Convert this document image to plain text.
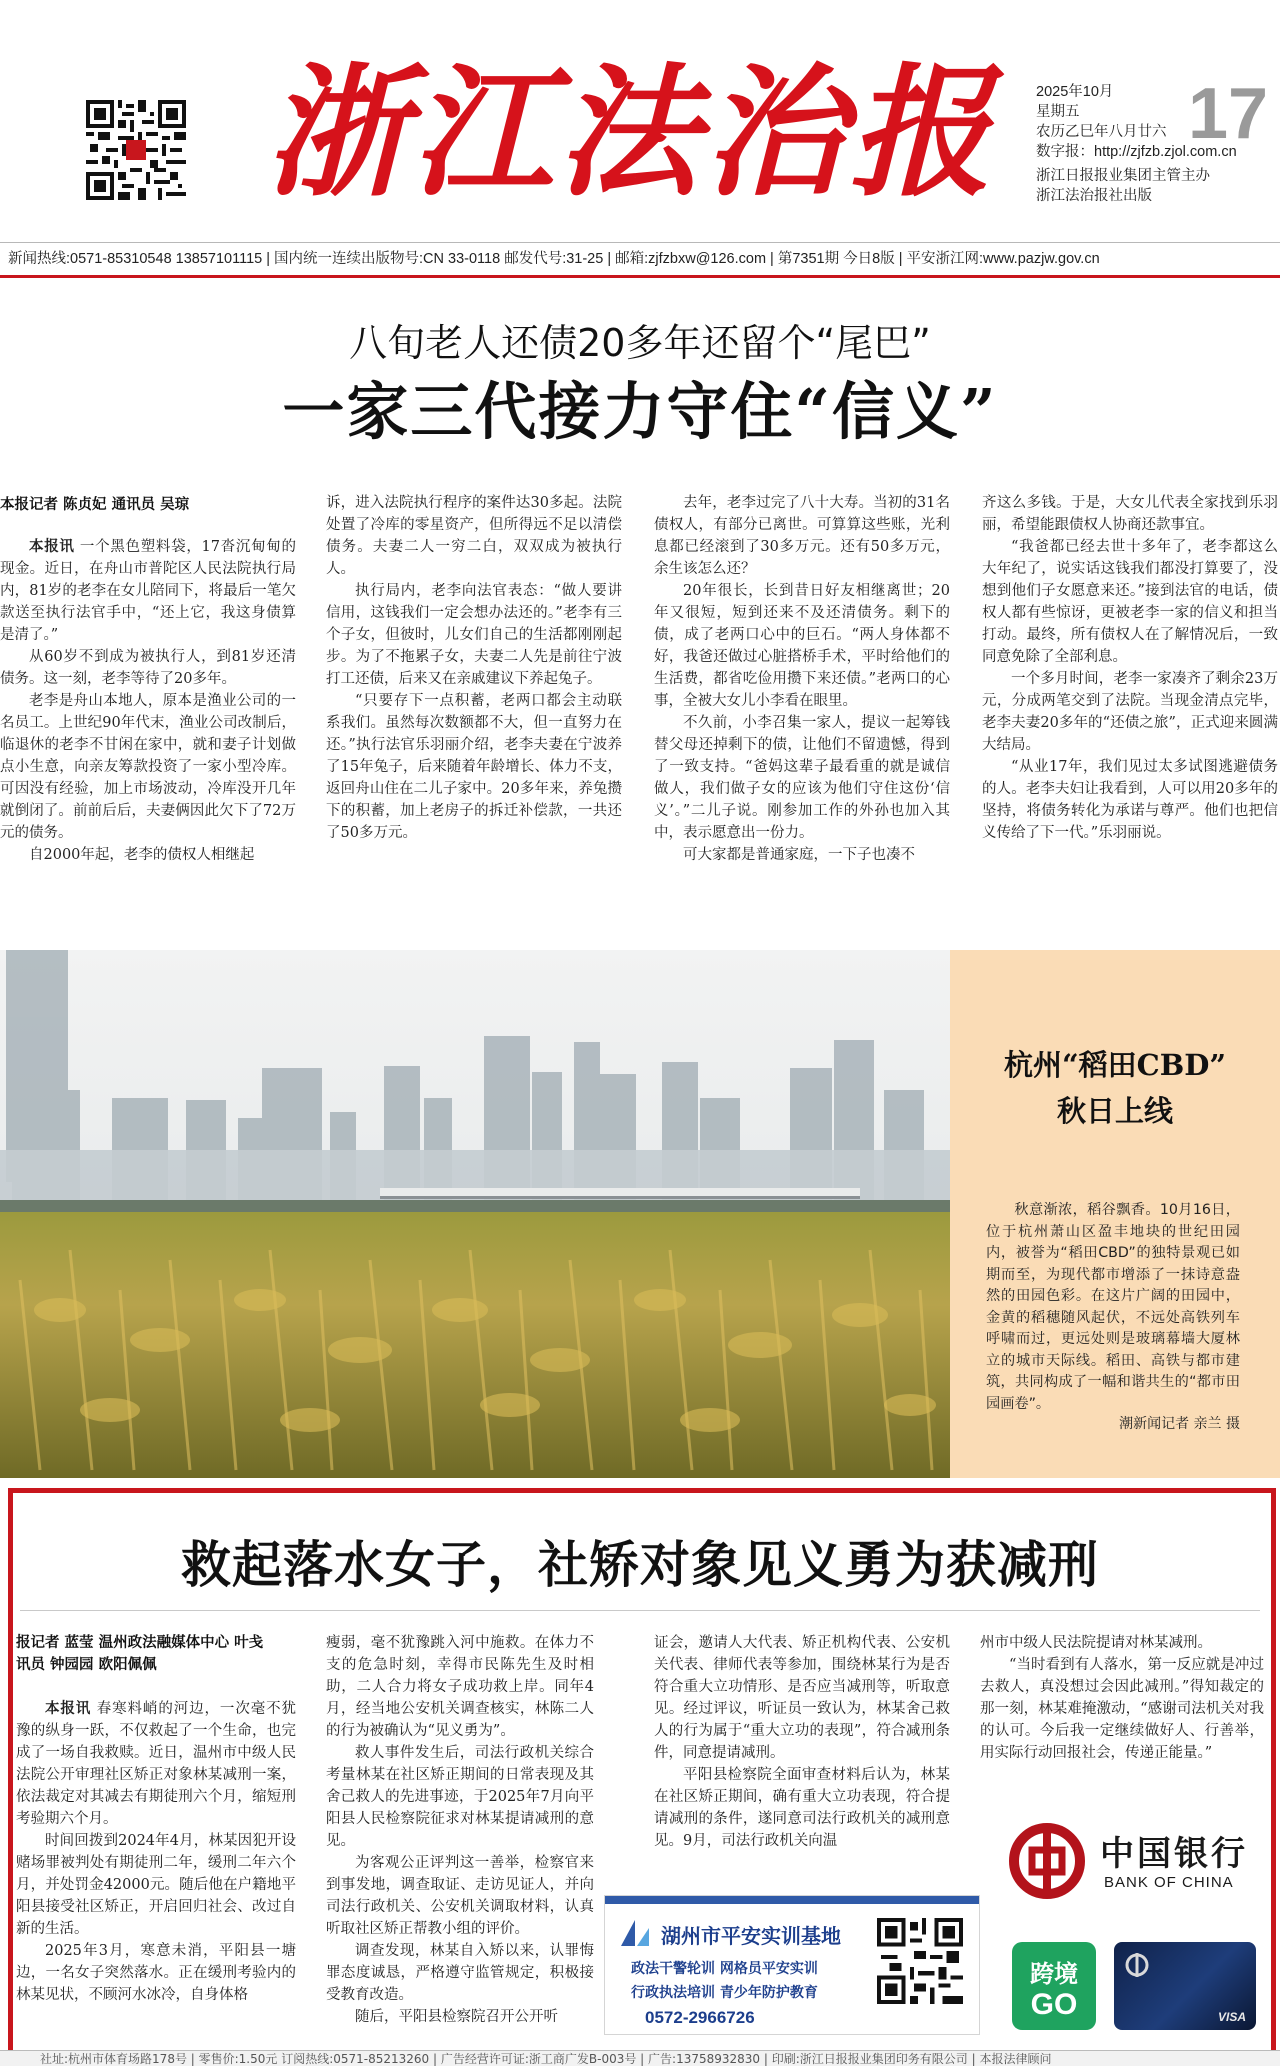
浙江法治报	17
2025年10月
星期五
农历乙巳年八月廿六
数字报：http://zjfzb.zjol.com.cn
浙江日报报业集团主管主办
浙江法治报社出版
新闻热线:0571-85310548 13857101115 | 国内统一连续出版物号:CN 33-0118 邮发代号:31-25 | 邮箱:zjfzbxw@126.com | 第7351期 今日8版 | 平安浙江网:www.pazjw.gov.cn
八旬老人还债20多年还留个“尾巴”
一家三代接力守住“信义”
本报记者 陈贞妃 通讯员 吴琼

本报讯 一个黑色塑料袋，17沓沉甸甸的现金。近日，在舟山市普陀区人民法院执行局内，81岁的老李在女儿陪同下，将最后一笔欠款送至执行法官手中，“还上它，我这身债算是清了。”

从60岁不到成为被执行人，到81岁还清债务。这一刻，老李等待了20多年。

老李是舟山本地人，原本是渔业公司的一名员工。上世纪90年代末，渔业公司改制后，临退休的老李不甘闲在家中，就和妻子计划做点小生意，向亲友筹款投资了一家小型冷库。可因没有经验，加上市场波动，冷库没开几年就倒闭了。前前后后，夫妻俩因此欠下了72万元的债务。

自2000年起，老李的债权人相继起

诉，进入法院执行程序的案件达30多起。法院处置了冷库的零星资产，但所得远不足以清偿债务。夫妻二人一穷二白，双双成为被执行人。

执行局内，老李向法官表态：“做人要讲信用，这钱我们一定会想办法还的。”老李有三个子女，但彼时，儿女们自己的生活都刚刚起步。为了不拖累子女，夫妻二人先是前往宁波打工还债，后来又在亲戚建议下养起兔子。

“只要存下一点积蓄，老两口都会主动联系我们。虽然每次数额都不大，但一直努力在还。”执行法官乐羽丽介绍，老李夫妻在宁波养了15年兔子，后来随着年龄增长、体力不支，返回舟山住在二儿子家中。20多年来，养兔攒下的积蓄，加上老房子的拆迁补偿款，一共还了50多万元。

去年，老李过完了八十大寿。当初的31名债权人，有部分已离世。可算算这些账，光利息都已经滚到了30多万元。还有50多万元，余生该怎么还？

20年很长，长到昔日好友相继离世；20年又很短，短到还来不及还清债务。剩下的债，成了老两口心中的巨石。“两人身体都不好，我爸还做过心脏搭桥手术，平时给他们的生活费，都省吃俭用攒下来还债。”老两口的心事，全被大女儿小李看在眼里。

不久前，小李召集一家人，提议一起筹钱替父母还掉剩下的债，让他们不留遗憾，得到了一致支持。“爸妈这辈子最看重的就是诚信做人，我们做子女的应该为他们守住这份‘信义’。”二儿子说。刚参加工作的外孙也加入其中，表示愿意出一份力。

可大家都是普通家庭，一下子也凑不

齐这么多钱。于是，大女儿代表全家找到乐羽丽，希望能跟债权人协商还款事宜。

“我爸都已经去世十多年了，老李都这么大年纪了，说实话这钱我们都没打算要了，没想到他们子女愿意来还。”接到法官的电话，债权人都有些惊讶，更被老李一家的信义和担当打动。最终，所有债权人在了解情况后，一致同意免除了全部利息。

一个多月时间，老李一家凑齐了剩余23万元，分成两笔交到了法院。当现金清点完毕，老李夫妻20多年的“还债之旅”，正式迎来圆满大结局。

“从业17年，我们见过太多试图逃避债务的人。老李夫妇让我看到，人可以用20多年的坚持，将债务转化为承诺与尊严。他们也把信义传给了下一代。”乐羽丽说。

杭州“稻田CBD”
秋日上线

秋意渐浓，稻谷飘香。10月16日，位于杭州萧山区盈丰地块的世纪田园内，被誉为“稻田CBD”的独特景观已如期而至，为现代都市增添了一抹诗意盎然的田园色彩。在这片广阔的田园中，金黄的稻穗随风起伏，不远处高铁列车呼啸而过，更远处则是玻璃幕墙大厦林立的城市天际线。稻田、高铁与都市建筑，共同构成了一幅和谐共生的“都市田园画卷”。

潮新闻记者 亲兰 摄
救起落水女子，社矫对象见义勇为获减刑
报记者 蓝莹 温州政法融媒体中心 叶戋
讯员 钟园园 欧阳佩佩

本报讯 春寒料峭的河边，一次毫不犹豫的纵身一跃，不仅救起了一个生命，也完成了一场自我救赎。近日，温州市中级人民法院公开审理社区矫正对象林某减刑一案，依法裁定对其减去有期徒刑六个月，缩短刑考验期六个月。

时间回拨到2024年4月，林某因犯开设赌场罪被判处有期徒刑二年，缓刑二年六个月，并处罚金42000元。随后他在户籍地平阳县接受社区矫正，开启回归社会、改过自新的生活。

2025年3月，寒意未消，平阳县一塘边，一名女子突然落水。正在缓刑考验内的林某见状，不顾河水冰冷，自身体格

瘦弱，毫不犹豫跳入河中施救。在体力不支的危急时刻，幸得市民陈先生及时相助，二人合力将女子成功救上岸。同年4月，经当地公安机关调查核实，林陈二人的行为被确认为“见义勇为”。

救人事件发生后，司法行政机关综合考量林某在社区矫正期间的日常表现及其舍己救人的先进事迹，于2025年7月向平阳县人民检察院征求对林某提请减刑的意见。

为客观公正评判这一善举，检察官来到事发地，调查取证、走访见证人，并向司法行政机关、公安机关调取材料，认真听取社区矫正帮教小组的评价。

调查发现，林某自入矫以来，认罪悔罪态度诚恳，严格遵守监管规定，积极接受教育改造。

随后，平阳县检察院召开公开听

证会，邀请人大代表、矫正机构代表、公安机关代表、律师代表等参加，围绕林某行为是否符合重大立功情形、是否应当减刑等，听取意见。经过评议，听证员一致认为，林某舍己救人的行为属于“重大立功的表现”，符合减刑条件，同意提请减刑。

平阳县检察院全面审查材料后认为，林某在社区矫正期间，确有重大立功表现，符合提请减刑的条件，遂同意司法行政机关的减刑意见。9月，司法行政机关向温

州市中级人民法院提请对林某减刑。

“当时看到有人落水，第一反应就是冲过去救人，真没想过会因此减刑。”得知裁定的那一刻，林某难掩激动，“感谢司法机关对我的认可。今后我一定继续做好人、行善举，用实际行动回报社会，传递正能量。”

湖州市平安实训基地
政法干警轮训 网格员平安实训
行政执法培训 青少年防护教育
0572-2966726
中国银行
BANK OF CHINA
跨境
GO	VISA
社址:杭州市体育场路178号 | 零售价:1.50元 订阅热线:0571-85213260 | 广告经营许可证:浙工商广发B-003号 | 广告:13758932830 | 印刷:浙江日报报业集团印务有限公司 | 本报法律顾问
